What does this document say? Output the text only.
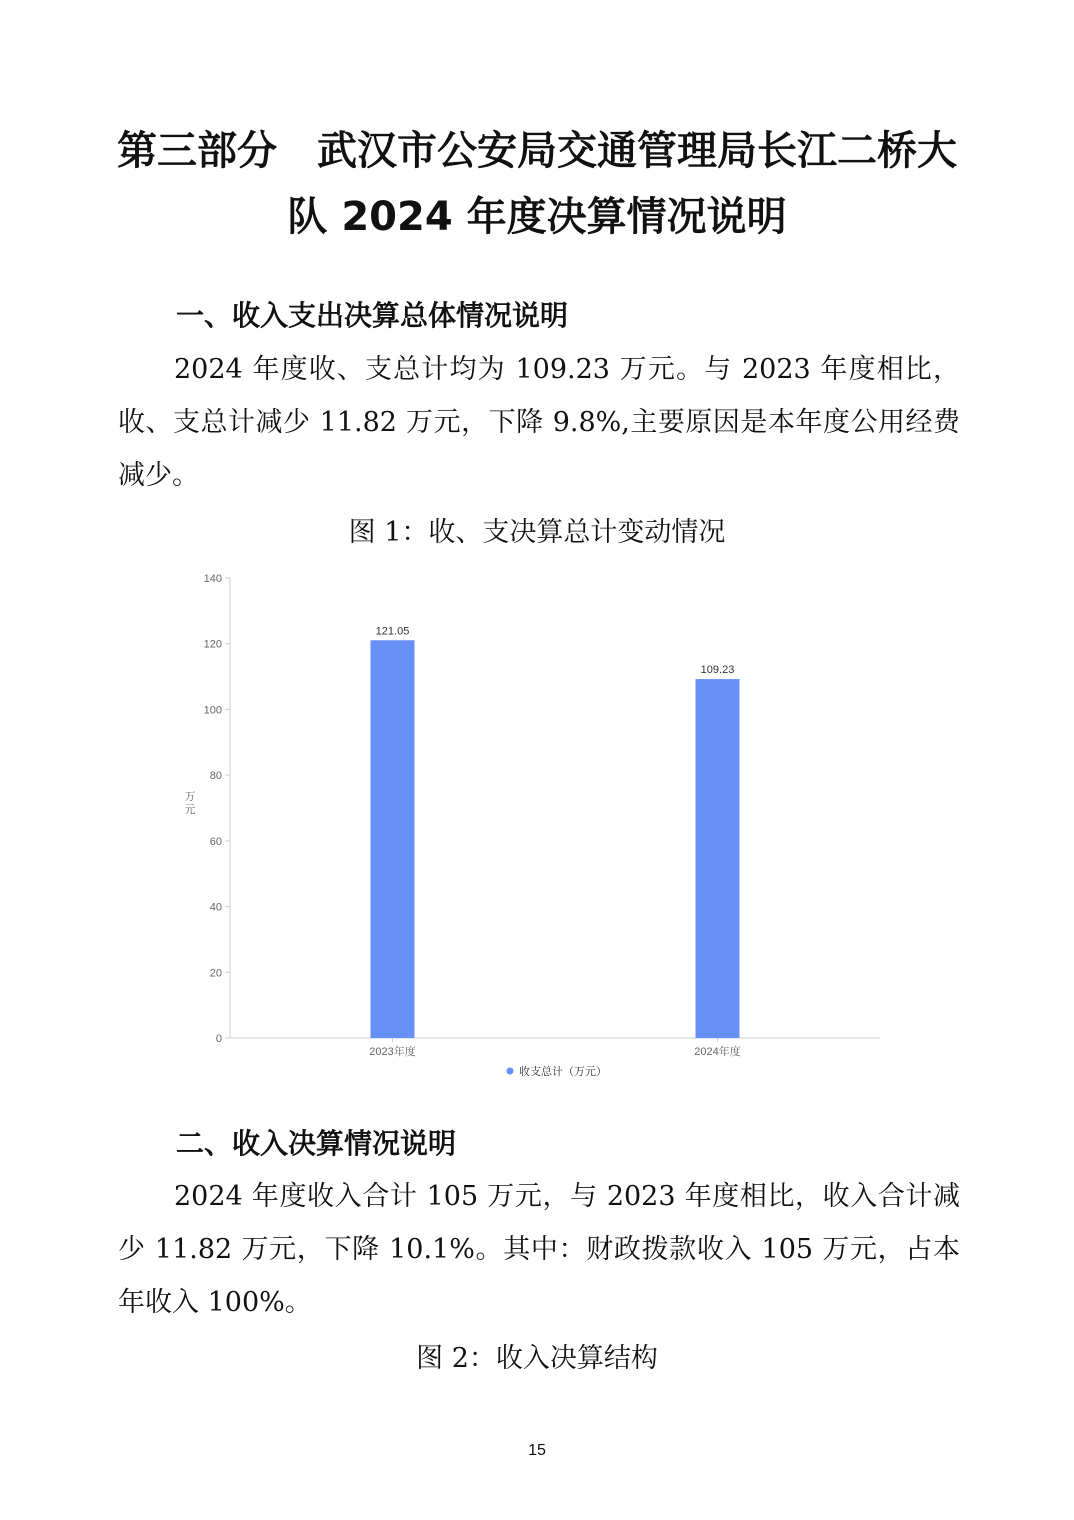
第三部分　武汉市公安局交通管理局长江二桥大
队 2024 年度决算情况说明
一、收入支出决算总体情况说明

2024 年度收、支总计均为 109.23 万元。与 2023 年度相比，收、支总计减少 11.82 万元，下降 9.8%,主要原因是本年度公用经费减少。

图 1：收、支决算总计变动情况

0
20
40
60
80
100
120
140
万元
121.05
2023年度
109.23
2024年度
收支总计（万元）
二、收入决算情况说明

2024 年度收入合计 105 万元，与 2023 年度相比，收入合计减少 11.82 万元，下降 10.1%。其中：财政拨款收入 105 万元，占本年收入 100%。

图 2：收入决算结构

15
